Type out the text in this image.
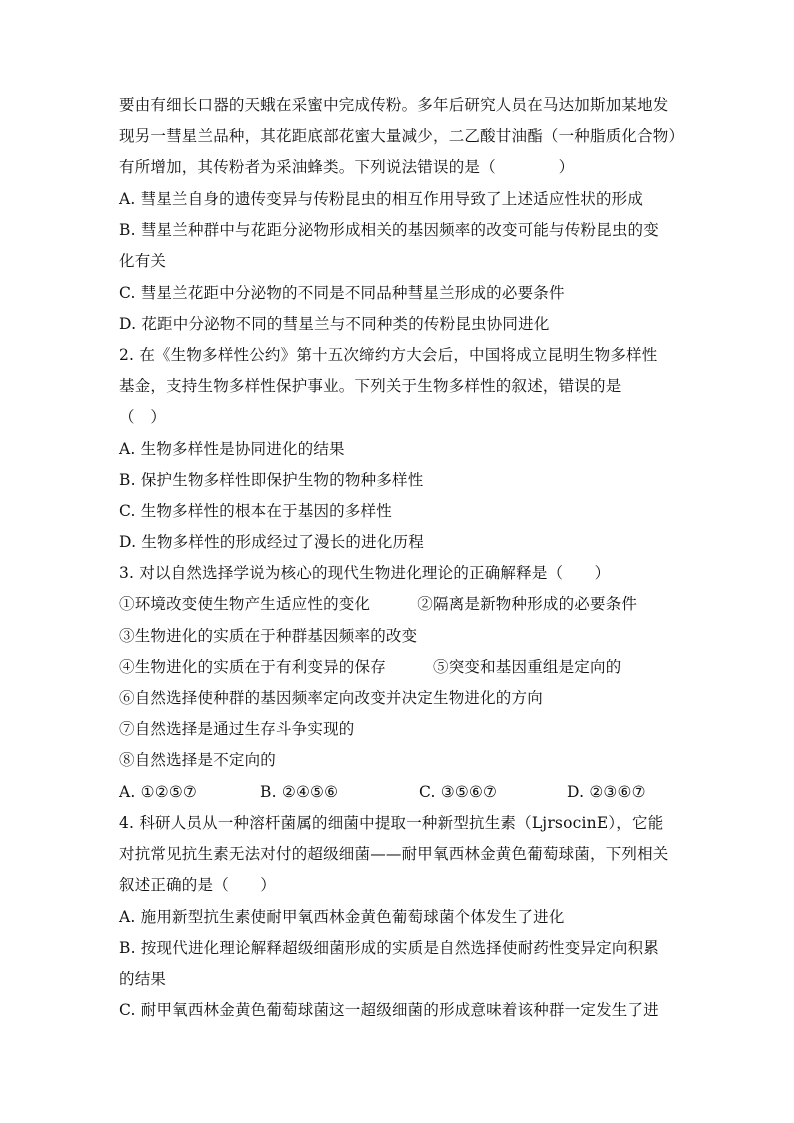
要由有细长口器的天蛾在采蜜中完成传粉。多年后研究人员在马达加斯加某地发
现另一彗星兰品种，其花距底部花蜜大量减少，二乙酸甘油酯（一种脂质化合物）
有所增加，其传粉者为采油蜂类。下列说法错误的是（　　　　）
A. 彗星兰自身的遗传变异与传粉昆虫的相互作用导致了上述适应性状的形成
B. 彗星兰种群中与花距分泌物形成相关的基因频率的改变可能与传粉昆虫的变
化有关
C. 彗星兰花距中分泌物的不同是不同品种彗星兰形成的必要条件
D. 花距中分泌物不同的彗星兰与不同种类的传粉昆虫协同进化
2. 在《生物多样性公约》第十五次缔约方大会后，中国将成立昆明生物多样性
基金，支持生物多样性保护事业。下列关于生物多样性的叙述，错误的是
（　）
A. 生物多样性是协同进化的结果
B. 保护生物多样性即保护生物的物种多样性
C. 生物多样性的根本在于基因的多样性
D. 生物多样性的形成经过了漫长的进化历程
3. 对以自然选择学说为核心的现代生物进化理论的正确解释是（　　）
①环境改变使生物产生适应性的变化　　　②隔离是新物种形成的必要条件
③生物进化的实质在于种群基因频率的改变
④生物进化的实质在于有利变异的保存　　　⑤突变和基因重组是定向的
⑥自然选择使种群的基因频率定向改变并决定生物进化的方向
⑦自然选择是通过生存斗争实现的
⑧自然选择是不定向的
A. ①②⑤⑦	B. ②④⑤⑥	C. ③⑤⑥⑦	D. ②③⑥⑦
4. 科研人员从一种溶杆菌属的细菌中提取一种新型抗生素（LjrsocinE），它能
对抗常见抗生素无法对付的超级细菌——耐甲氧西林金黄色葡萄球菌，下列相关
叙述正确的是（　　）
A. 施用新型抗生素使耐甲氧西林金黄色葡萄球菌个体发生了进化
B. 按现代进化理论解释超级细菌形成的实质是自然选择使耐药性变异定向积累
的结果
C. 耐甲氧西林金黄色葡萄球菌这一超级细菌的形成意味着该种群一定发生了进
